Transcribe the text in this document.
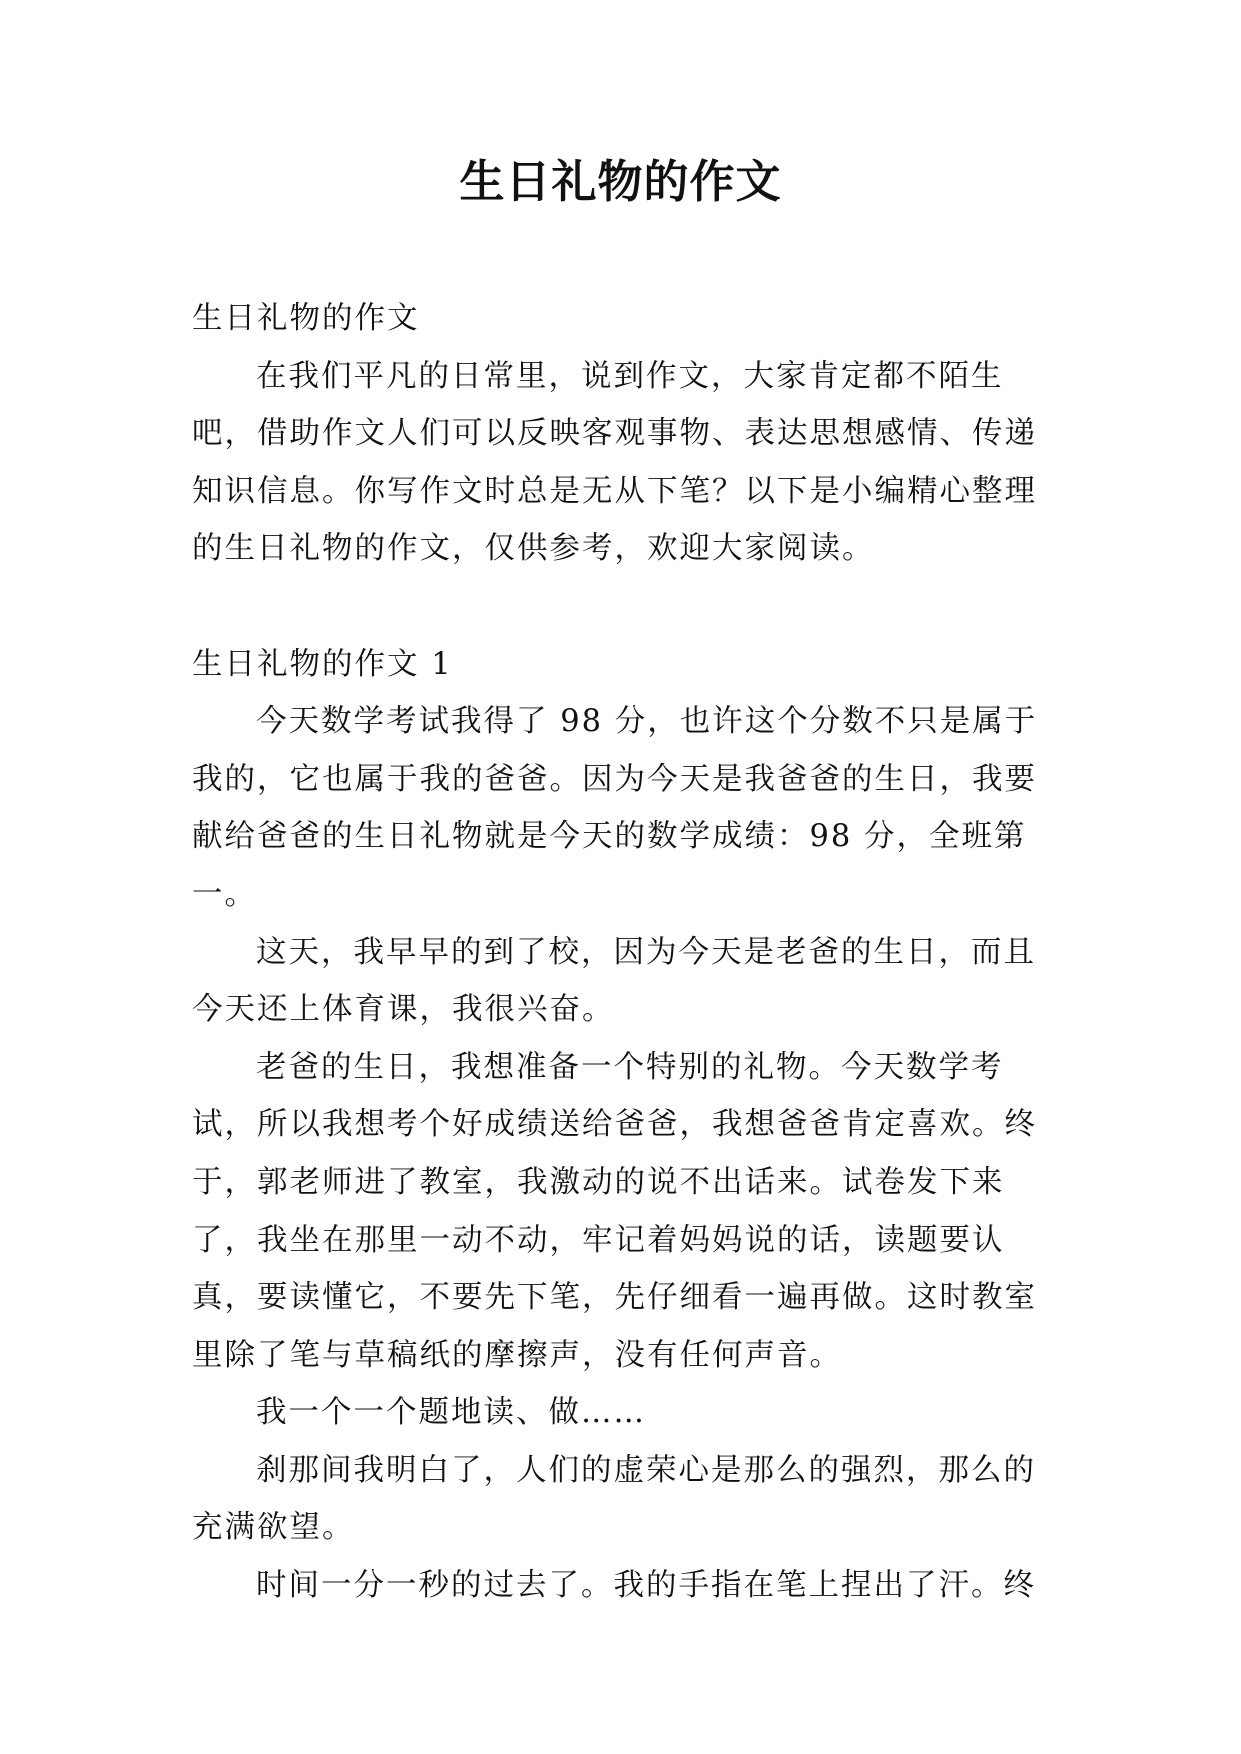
生日礼物的作文

生日礼物的作文

在我们平凡的日常里，说到作文，大家肯定都不陌生吧，借助作文人们可以反映客观事物、表达思想感情、传递知识信息。你写作文时总是无从下笔？以下是小编精心整理的生日礼物的作文，仅供参考，欢迎大家阅读。

生日礼物的作文 1

今天数学考试我得了 98 分，也许这个分数不只是属于我的，它也属于我的爸爸。因为今天是我爸爸的生日，我要献给爸爸的生日礼物就是今天的数学成绩：98 分，全班第一。

这天，我早早的到了校，因为今天是老爸的生日，而且今天还上体育课，我很兴奋。

老爸的生日，我想准备一个特别的礼物。今天数学考试，所以我想考个好成绩送给爸爸，我想爸爸肯定喜欢。终于，郭老师进了教室，我激动的说不出话来。试卷发下来了，我坐在那里一动不动，牢记着妈妈说的话，读题要认真，要读懂它，不要先下笔，先仔细看一遍再做。这时教室里除了笔与草稿纸的摩擦声，没有任何声音。

我一个一个题地读、做……

刹那间我明白了，人们的虚荣心是那么的强烈，那么的充满欲望。

时间一分一秒的过去了。我的手指在笔上捏出了汗。终
